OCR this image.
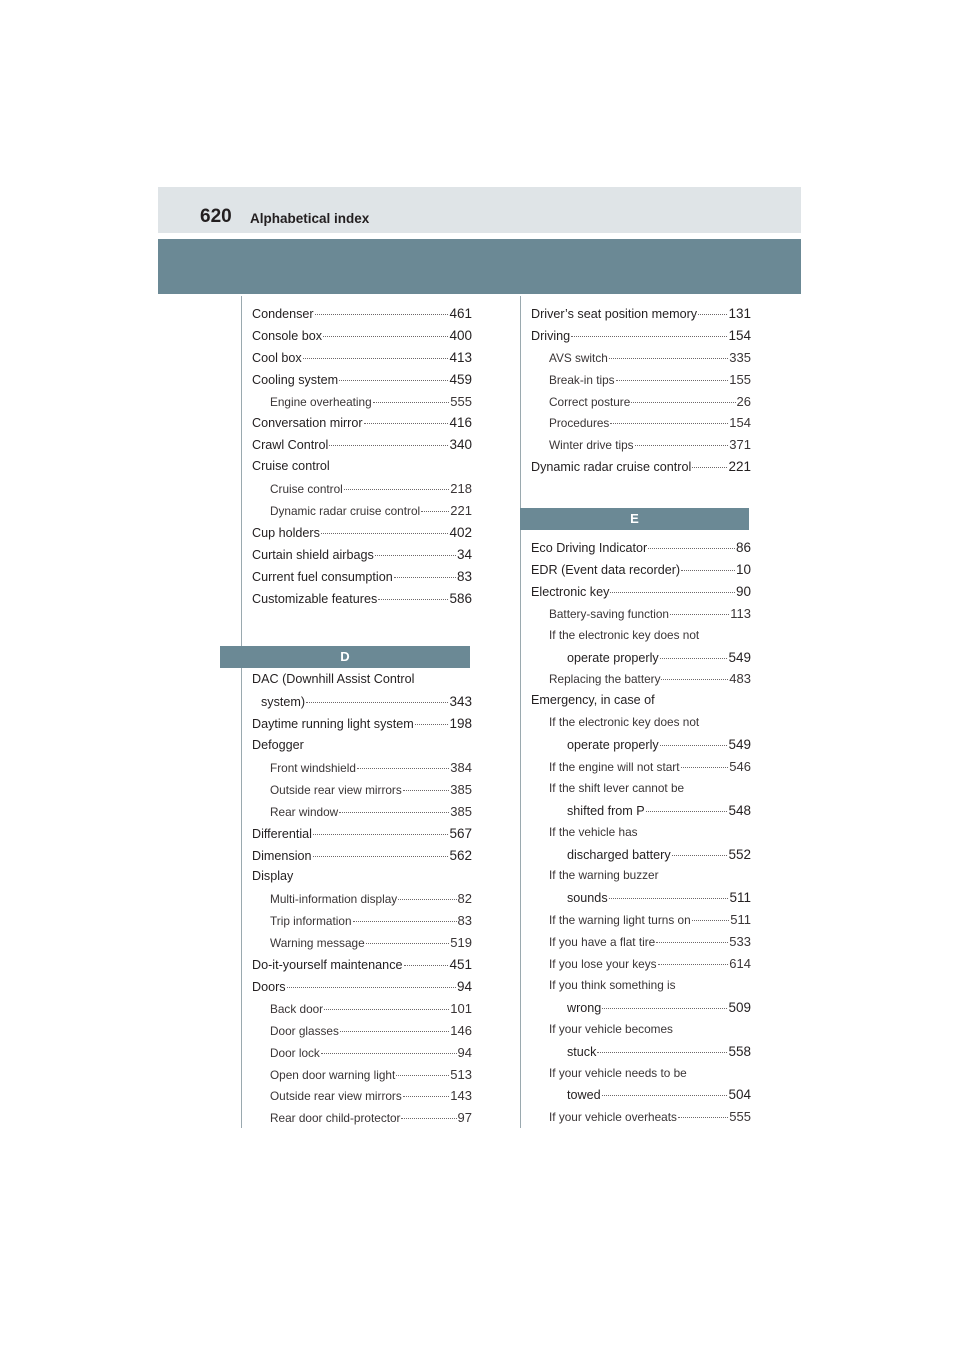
620 Alphabetical index
Condenser	461
Console box	400
Cool box	413
Cooling system	459
Engine overheating	555
Conversation mirror	416
Crawl Control	340
Cruise control
Cruise control	218
Dynamic radar cruise control 221
Cup holders	402
Curtain shield airbags	34
Current fuel consumption	83
Customizable features	586
D
DAC (Downhill Assist Control
system)	343
Daytime running light system	198
Defogger
Front windshield	384
Outside rear view mirrors	385
Rear window	385
Differential	567
Dimension	562
Display
Multi-information display	82
Trip information	83
Warning message	519
Do-it-yourself maintenance	451
Doors	94
Back door	101
Door glasses	146
Door lock	94
Open door warning light	513
Outside rear view mirrors	143
Rear door child-protector	97
Driver’s seat position memory 131
Driving	154
AVS switch	335
Break-in tips	155
Correct posture	26
Procedures	154
Winter drive tips	371
Dynamic radar cruise control	221
E
Eco Driving Indicator	86
EDR (Event data recorder)	10
Electronic key	90
Battery-saving function	113
If the electronic key does not
operate properly	549
Replacing the battery	483
Emergency, in case of
If the electronic key does not
operate properly	549
If the engine will not start	546
If the shift lever cannot be
shifted from P	548
If the vehicle has
discharged battery	552
If the warning buzzer
sounds	511
If the warning light turns on	511
If you have a flat tire	533
If you lose your keys	614
If you think something is
wrong	509
If your vehicle becomes
stuck	558
If your vehicle needs to be
towed	504
If your vehicle overheats	555
